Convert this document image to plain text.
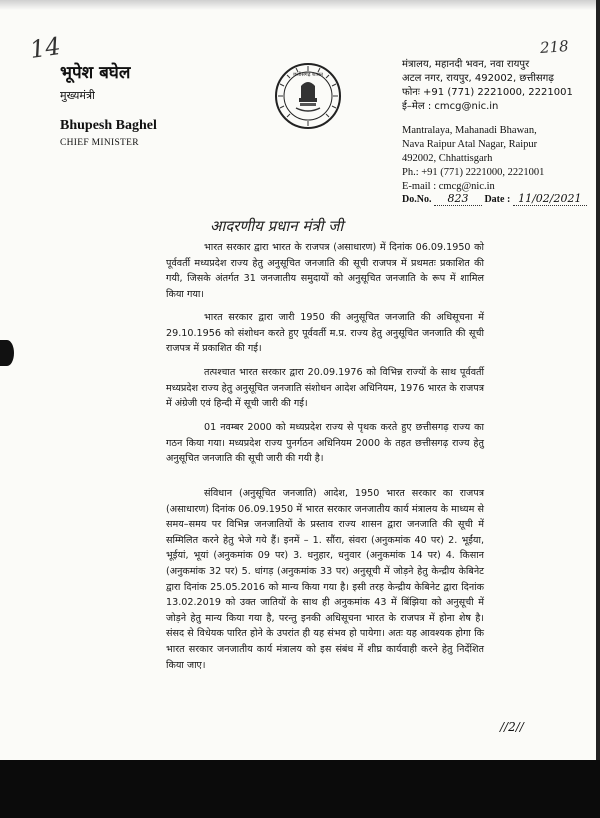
14	218
भूपेश बघेल
मुख्यमंत्री
Bhupesh Baghel
CHIEF MINISTER
छत्तीसगढ़ शासन
मंत्रालय, महानदी भवन, नवा रायपुर
अटल नगर, रायपुर, 492002, छत्तीसगढ़
फोनः +91 (771) 2221000, 2221001
ई–मेल : cmcg@nic.in
Mantralaya, Mahanadi Bhawan,
Nava Raipur Atal Nagar, Raipur
492002, Chhattisgarh
Ph.: +91 (771) 2221000, 2221001
E-mail : cmcg@nic.in
Do.No. 823 Date : 11/02/2021
आदरणीय प्रधान मंत्री जी
भारत सरकार द्वारा भारत के राजपत्र (असाधारण) में दिनांक 06.09.1950 को पूर्ववर्ती मध्यप्रदेश राज्य हेतु अनुसूचित जनजाति की सूची राजपत्र में प्रथमतः प्रकाशित की गयी, जिसके अंतर्गत 31 जनजातीय समुदायों को अनुसूचित जनजाति के रूप में शामिल किया गया।
भारत सरकार द्वारा जारी 1950 की अनुसूचित जनजाति की अधिसूचना में 29.10.1956 को संशोधन करते हुए पूर्ववर्ती म.प्र. राज्य हेतु अनुसूचित जनजाति की सूची राजपत्र में प्रकाशित की गई।
तत्पश्चात भारत सरकार द्वारा 20.09.1976 को विभिन्न राज्यों के साथ पूर्ववर्ती मध्यप्रदेश राज्य हेतु अनुसूचित जनजाति संशोधन आदेश अधिनियम, 1976 भारत के राजपत्र में अंग्रेजी एवं हिन्दी में सूची जारी की गई।
01 नवम्बर 2000 को मध्यप्रदेश राज्य से पृथक करते हुए छत्तीसगढ़ राज्य का गठन किया गया। मध्यप्रदेश राज्य पुनर्गठन अधिनियम 2000 के तहत छत्तीसगढ़ राज्य हेतु अनुसूचित जनजाति की सूची जारी की गयी है।
संविधान (अनुसूचित जनजाति) आदेश, 1950 भारत सरकार का राजपत्र (असाधारण) दिनांक 06.09.1950 में भारत सरकार जनजातीय कार्य मंत्रालय के माध्यम से समय–समय पर विभिन्न जनजातियों के प्रस्ताव राज्य शासन द्वारा जनजाति की सूची में सम्मिलित करने हेतु भेजे गये हैं। इनमें – 1. सौंरा, संवरा (अनुकमांक 40 पर) 2. भूईंया, भूईयां, भूयां (अनुकमांक 09 पर) 3. धनुहार, धनुवार (अनुकमांक 14 पर) 4. किसान (अनुकमांक 32 पर) 5. धांगड़ (अनुकमांक 33 पर) अनुसूची में जोड़ने हेतु केन्द्रीय केबिनेट द्वारा दिनांक 25.05.2016 को मान्य किया गया है। इसी तरह केन्द्रीय केबिनेट द्वारा दिनांक 13.02.2019 को उक्त जातियों के साथ ही अनुकमांक 43 में बिंझिया को अनुसूची में जोड़ने हेतु मान्य किया गया है, परन्तु इनकी अधिसूचना भारत के राजपत्र में होना शेष है। संसद से विधेयक पारित होने के उपरांत ही यह संभव हो पायेगा। अतः यह आवश्यक होगा कि भारत सरकार जनजातीय कार्य मंत्रालय को इस संबंध में शीघ्र कार्यवाही करने हेतु निर्देशित किया जाए।
//2//
